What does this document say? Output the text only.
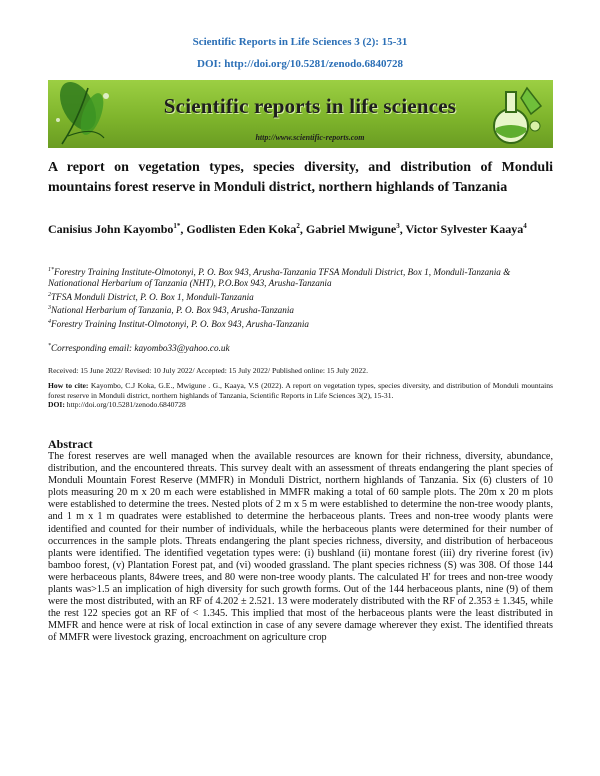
Scientific Reports in Life Sciences 3 (2): 15-31
DOI: http://doi.org/10.5281/zenodo.6840728
Scientific reports in life sciences
http://www.scientific-reports.com
A report on vegetation types, species diversity, and distribution of Monduli mountains forest reserve in Monduli district, northern highlands of Tanzania
Canisius John Kayombo$^{1*}$, Godlisten Eden Koka$^2$, Gabriel Mwigune$^3$, Victor Sylvester Kaaya$^4$
$^{1*}$Forestry Training Institute-Olmotonyi, P. O. Box 943, Arusha-Tanzania TFSA Monduli District, Box 1, Monduli-Tanzania & Nationational Herbarium of Tanzania (NHT), P.O.Box 943, Arusha-Tanzania
$^2$TFSA Monduli District, P. O. Box 1, Monduli-Tanzania
$^3$National Herbarium of Tanzania, P. O. Box 943, Arusha-Tanzania
$^4$Forestry Training Institut-Olmotonyi, P. O. Box 943, Arusha-Tanzania
*Corresponding email: kayombo33@yahoo.co.uk
Received: 15 June 2022/ Revised: 10 July 2022/ Accepted: 15 July 2022/ Published online: 15 July 2022.
How to cite: Kayombo, C.J Koka, G.E., Mwigune . G., Kaaya, V.S (2022). A report on vegetation types, species diversity, and distribution of Monduli mountains forest reserve in Monduli district, northern highlands of Tanzania, Scientific Reports in Life Sciences 3(2), 15-31.
DOI: http://doi.org/10.5281/zenodo.6840728
Abstract
The forest reserves are well managed when the available resources are known for their richness, diversity, abundance, distribution, and the encountered threats. This survey dealt with an assessment of threats endangering the plant species of Monduli Mountain Forest Reserve (MMFR) in Monduli District, northern highlands of Tanzania. Six (6) clusters of 10 plots measuring 20 m x 20 m each were established in MMFR making a total of 60 sample plots. The 20m x 20 m plots were established to determine the trees. Nested plots of 2 m x 5 m were established to determine the non-tree woody plants, and 1 m x 1 m quadrates were established to determine the herbaceous plants. Trees and non-tree woody plants were identified and counted for their number of individuals, while the herbaceous plants were determined for their number of occurrences in the sample plots. Threats endangering the plant species richness, diversity, and distribution of herbaceous plants were identified. The identified vegetation types were: (i) bushland (ii) montane forest (iii) dry riverine forest (iv) bamboo forest, (v) Plantation Forest pat, and (vi) wooded grassland. The plant species richness (S) was 308. Of those 144 were herbaceous plants, 84were trees, and 80 were non-tree woody plants. The calculated H' for trees and non-tree woody plants was>1.5 an implication of high diversity for such growth forms. Out of the 144 herbaceous plants, nine (9) of them were the most distributed, with an RF of 4.202 ± 2.521. 13 were moderately distributed with the RF of 2.353 ± 1.345, while the rest 122 species got an RF of < 1.345. This implied that most of the herbaceous plants were the least distributed in MMFR and hence were at risk of local extinction in case of any severe damage wherever they exist. The identified threats of MMFR were livestock grazing, encroachment on agriculture crop
